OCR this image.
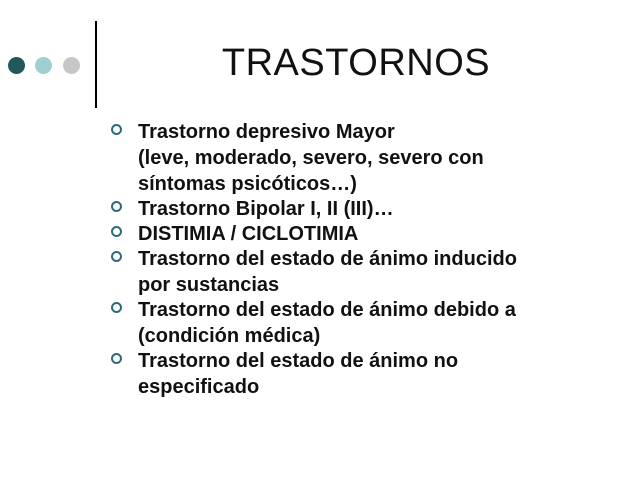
TRASTORNOS
Trastorno depresivo Mayor
(leve, moderado, severo, severo con
síntomas psicóticos…)
Trastorno Bipolar I, II (III)…
DISTIMIA / CICLOTIMIA
Trastorno del estado de ánimo inducido
por sustancias
Trastorno del estado de ánimo debido a
(condición médica)
Trastorno del estado de ánimo no
especificado
